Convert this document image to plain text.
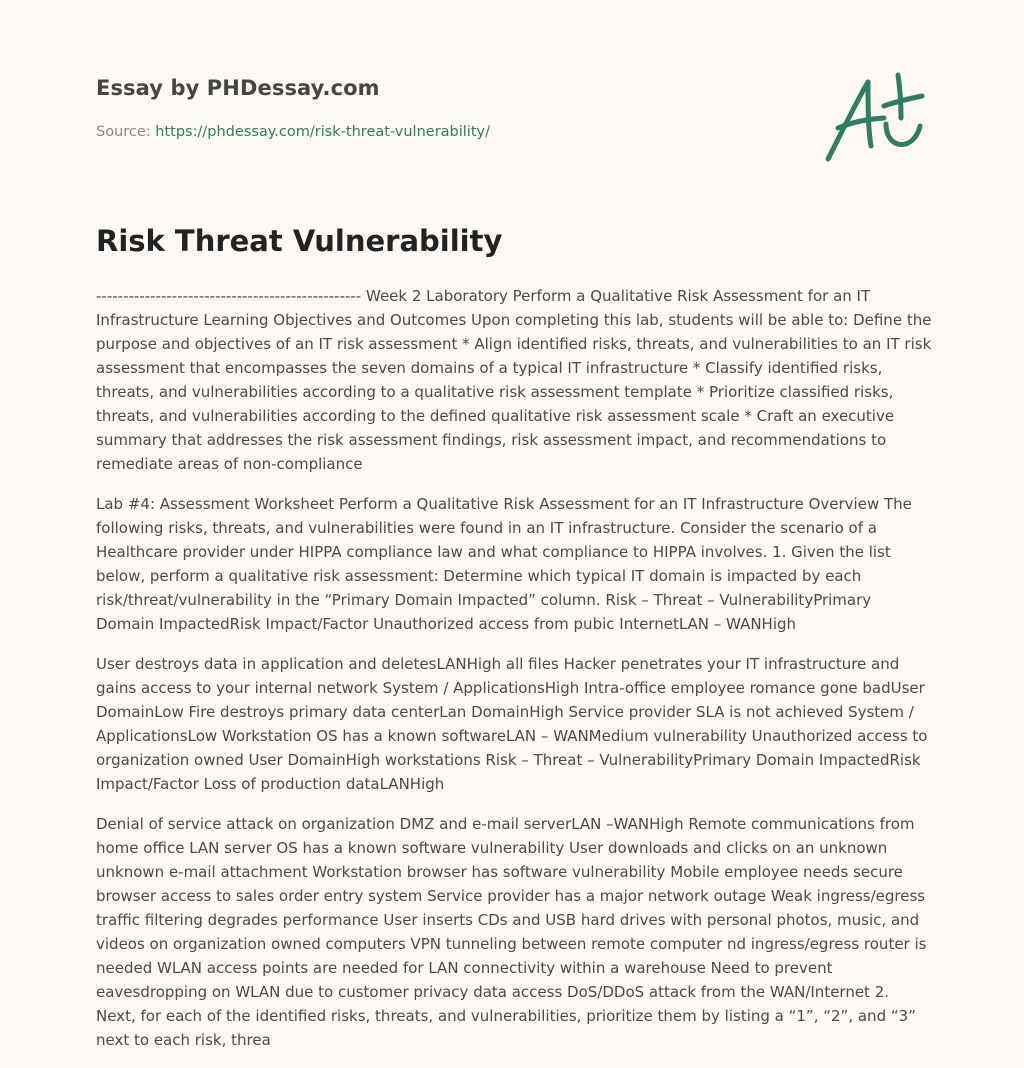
Essay by PHDessay.com
Source: https://phdessay.com/risk-threat-vulnerability/
Risk Threat Vulnerability

------------------------------------------------- Week 2 Laboratory Perform a Qualitative Risk Assessment for an IT Infrastructure Learning Objectives and Outcomes Upon completing this lab, students will be able to: Define the purpose and objectives of an IT risk assessment * Align identified risks, threats, and vulnerabilities to an IT risk assessment that encompasses the seven domains of a typical IT infrastructure * Classify identified risks, threats, and vulnerabilities according to a qualitative risk assessment template * Prioritize classified risks, threats, and vulnerabilities according to the defined qualitative risk assessment scale * Craft an executive summary that addresses the risk assessment findings, risk assessment impact, and recommendations to remediate areas of non-compliance

Lab #4: Assessment Worksheet Perform a Qualitative Risk Assessment for an IT Infrastructure Overview The following risks, threats, and vulnerabilities were found in an IT infrastructure. Consider the scenario of a Healthcare provider under HIPPA compliance law and what compliance to HIPPA involves. 1. Given the list below, perform a qualitative risk assessment: Determine which typical IT domain is impacted by each risk/threat/vulnerability in the “Primary Domain Impacted” column. Risk – Threat – VulnerabilityPrimary Domain ImpactedRisk Impact/Factor Unauthorized access from pubic InternetLAN – WANHigh

User destroys data in application and deletesLANHigh all files Hacker penetrates your IT infrastructure and gains access to your internal network System / ApplicationsHigh Intra-office employee romance gone badUser DomainLow Fire destroys primary data centerLan DomainHigh Service provider SLA is not achieved System / ApplicationsLow Workstation OS has a known softwareLAN – WANMedium vulnerability Unauthorized access to organization owned User DomainHigh workstations Risk – Threat – VulnerabilityPrimary Domain ImpactedRisk Impact/Factor Loss of production dataLANHigh

Denial of service attack on organization DMZ and e-mail serverLAN –WANHigh Remote communications from home office LAN server OS has a known software vulnerability User downloads and clicks on an unknown unknown e-mail attachment Workstation browser has software vulnerability Mobile employee needs secure browser access to sales order entry system Service provider has a major network outage Weak ingress/egress traffic filtering degrades performance User inserts CDs and USB hard drives with personal photos, music, and videos on organization owned computers VPN tunneling between remote computer nd ingress/egress router is needed WLAN access points are needed for LAN connectivity within a warehouse Need to prevent eavesdropping on WLAN due to customer privacy data access DoS/DDoS attack from the WAN/Internet 2. Next, for each of the identified risks, threats, and vulnerabilities, prioritize them by listing a “1”, “2”, and “3” next to each risk, threa
